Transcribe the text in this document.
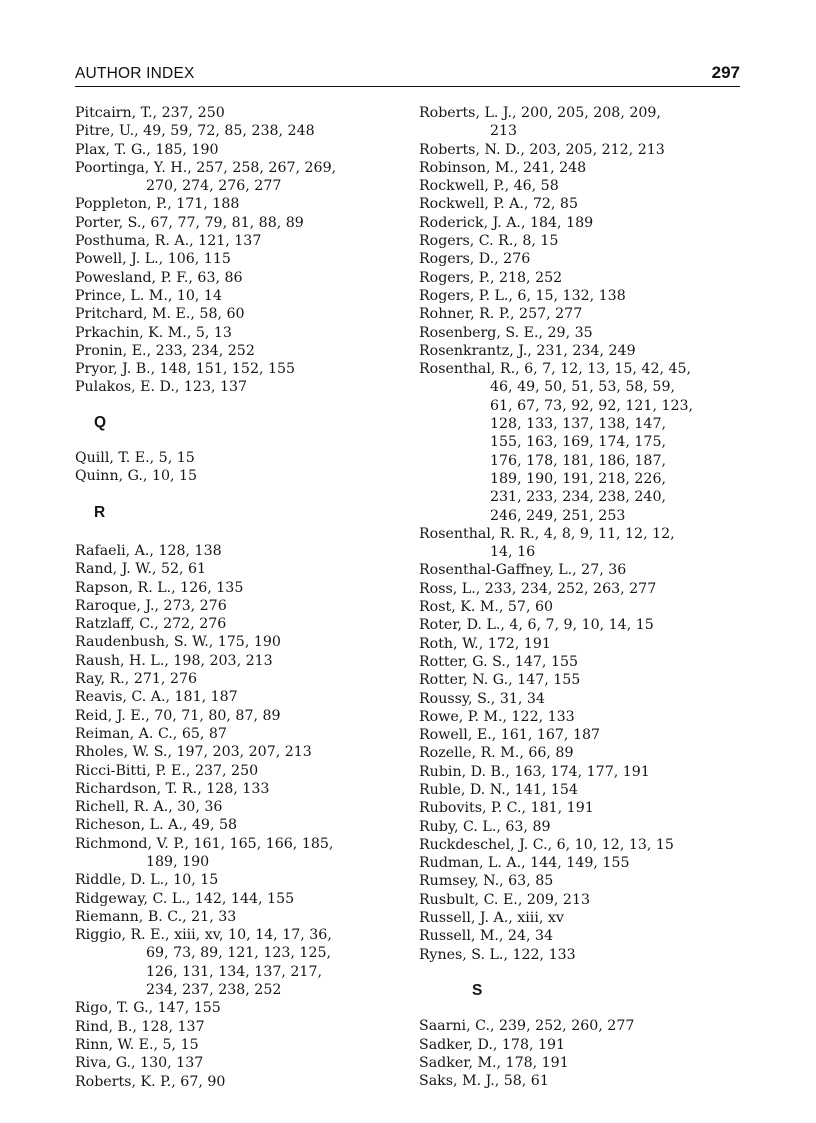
AUTHOR INDEX	297

Pitcairn, T., 237, 250

Pitre, U., 49, 59, 72, 85, 238, 248

Plax, T. G., 185, 190

Poortinga, Y. H., 257, 258, 267, 269,
270, 274, 276, 277

Poppleton, P., 171, 188

Porter, S., 67, 77, 79, 81, 88, 89

Posthuma, R. A., 121, 137

Powell, J. L., 106, 115

Powesland, P. F., 63, 86

Prince, L. M., 10, 14

Pritchard, M. E., 58, 60

Prkachin, K. M., 5, 13

Pronin, E., 233, 234, 252

Pryor, J. B., 148, 151, 152, 155

Pulakos, E. D., 123, 137

Q

Quill, T. E., 5, 15

Quinn, G., 10, 15

R

Rafaeli, A., 128, 138

Rand, J. W., 52, 61

Rapson, R. L., 126, 135

Raroque, J., 273, 276

Ratzlaff, C., 272, 276

Raudenbush, S. W., 175, 190

Raush, H. L., 198, 203, 213

Ray, R., 271, 276

Reavis, C. A., 181, 187

Reid, J. E., 70, 71, 80, 87, 89

Reiman, A. C., 65, 87

Rholes, W. S., 197, 203, 207, 213

Ricci-Bitti, P. E., 237, 250

Richardson, T. R., 128, 133

Richell, R. A., 30, 36

Richeson, L. A., 49, 58

Richmond, V. P., 161, 165, 166, 185,
189, 190

Riddle, D. L., 10, 15

Ridgeway, C. L., 142, 144, 155

Riemann, B. C., 21, 33

Riggio, R. E., xiii, xv, 10, 14, 17, 36,
69, 73, 89, 121, 123, 125,
126, 131, 134, 137, 217,
234, 237, 238, 252

Rigo, T. G., 147, 155

Rind, B., 128, 137

Rinn, W. E., 5, 15

Riva, G., 130, 137

Roberts, K. P., 67, 90

Roberts, L. J., 200, 205, 208, 209,
213

Roberts, N. D., 203, 205, 212, 213

Robinson, M., 241, 248

Rockwell, P., 46, 58

Rockwell, P. A., 72, 85

Roderick, J. A., 184, 189

Rogers, C. R., 8, 15

Rogers, D., 276

Rogers, P., 218, 252

Rogers, P. L., 6, 15, 132, 138

Rohner, R. P., 257, 277

Rosenberg, S. E., 29, 35

Rosenkrantz, J., 231, 234, 249

Rosenthal, R., 6, 7, 12, 13, 15, 42, 45,
46, 49, 50, 51, 53, 58, 59,
61, 67, 73, 92, 92, 121, 123,
128, 133, 137, 138, 147,
155, 163, 169, 174, 175,
176, 178, 181, 186, 187,
189, 190, 191, 218, 226,
231, 233, 234, 238, 240,
246, 249, 251, 253

Rosenthal, R. R., 4, 8, 9, 11, 12, 12,
14, 16

Rosenthal-Gaffney, L., 27, 36

Ross, L., 233, 234, 252, 263, 277

Rost, K. M., 57, 60

Roter, D. L., 4, 6, 7, 9, 10, 14, 15

Roth, W., 172, 191

Rotter, G. S., 147, 155

Rotter, N. G., 147, 155

Roussy, S., 31, 34

Rowe, P. M., 122, 133

Rowell, E., 161, 167, 187

Rozelle, R. M., 66, 89

Rubin, D. B., 163, 174, 177, 191

Ruble, D. N., 141, 154

Rubovits, P. C., 181, 191

Ruby, C. L., 63, 89

Ruckdeschel, J. C., 6, 10, 12, 13, 15

Rudman, L. A., 144, 149, 155

Rumsey, N., 63, 85

Rusbult, C. E., 209, 213

Russell, J. A., xiii, xv

Russell, M., 24, 34

Rynes, S. L., 122, 133

S

Saarni, C., 239, 252, 260, 277

Sadker, D., 178, 191

Sadker, M., 178, 191

Saks, M. J., 58, 61
